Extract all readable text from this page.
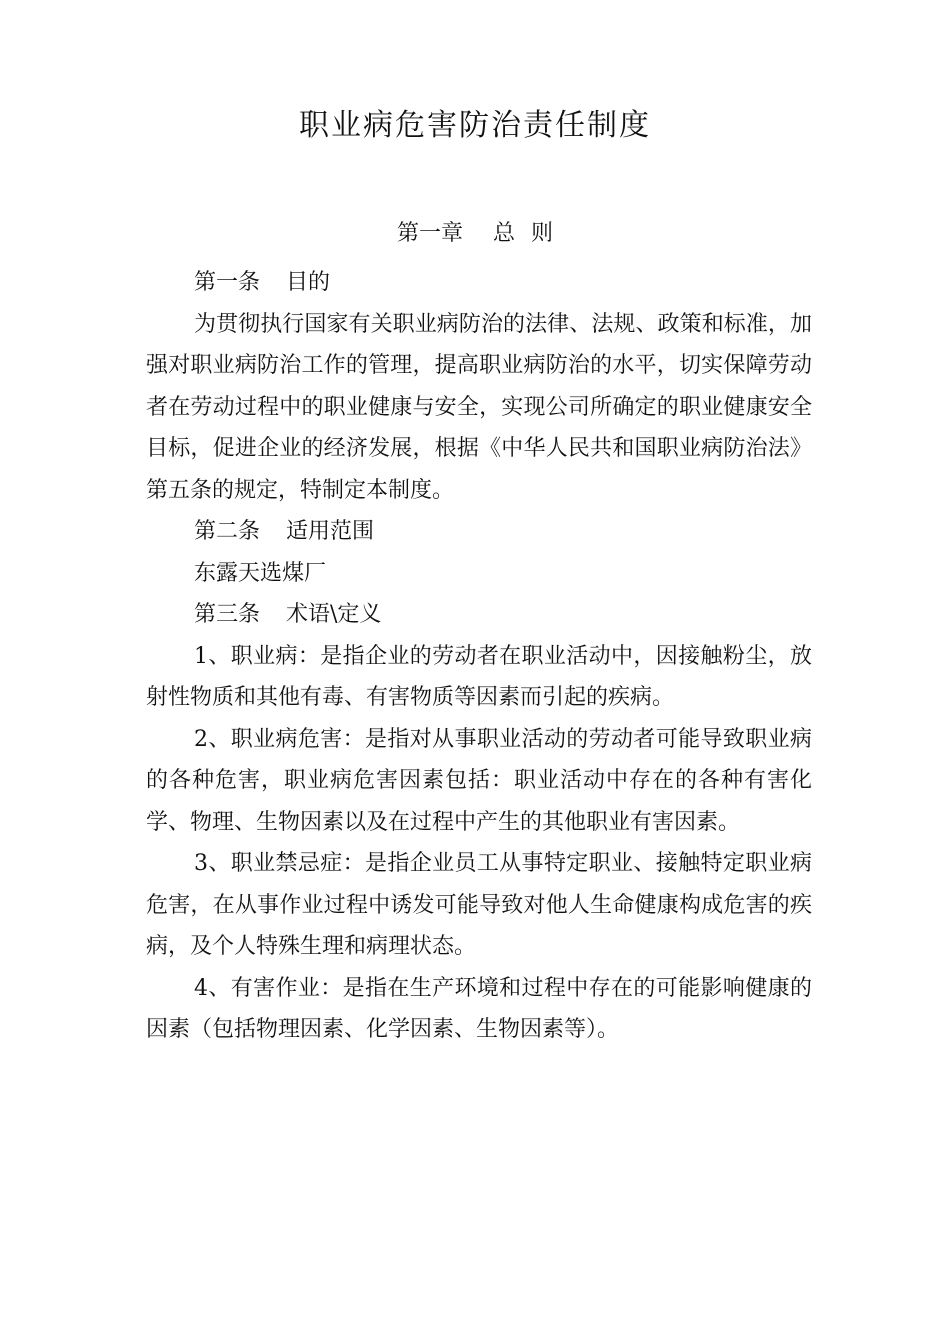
职业病危害防治责任制度
第一章 总 则

第一条 目的

为贯彻执行国家有关职业病防治的法律、法规、政策和标准，加强对职业病防治工作的管理，提高职业病防治的水平，切实保障劳动者在劳动过程中的职业健康与安全，实现公司所确定的职业健康安全目标，促进企业的经济发展，根据《中华人民共和国职业病防治法》第五条的规定，特制定本制度。

第二条 适用范围

东露天选煤厂

第三条 术语\定义

1、职业病：是指企业的劳动者在职业活动中，因接触粉尘，放射性物质和其他有毒、有害物质等因素而引起的疾病。

2、职业病危害：是指对从事职业活动的劳动者可能导致职业病的各种危害，职业病危害因素包括：职业活动中存在的各种有害化学、物理、生物因素以及在过程中产生的其他职业有害因素。

3、职业禁忌症：是指企业员工从事特定职业、接触特定职业病危害，在从事作业过程中诱发可能导致对他人生命健康构成危害的疾病，及个人特殊生理和病理状态。

4、有害作业：是指在生产环境和过程中存在的可能影响健康的因素（包括物理因素、化学因素、生物因素等）。
